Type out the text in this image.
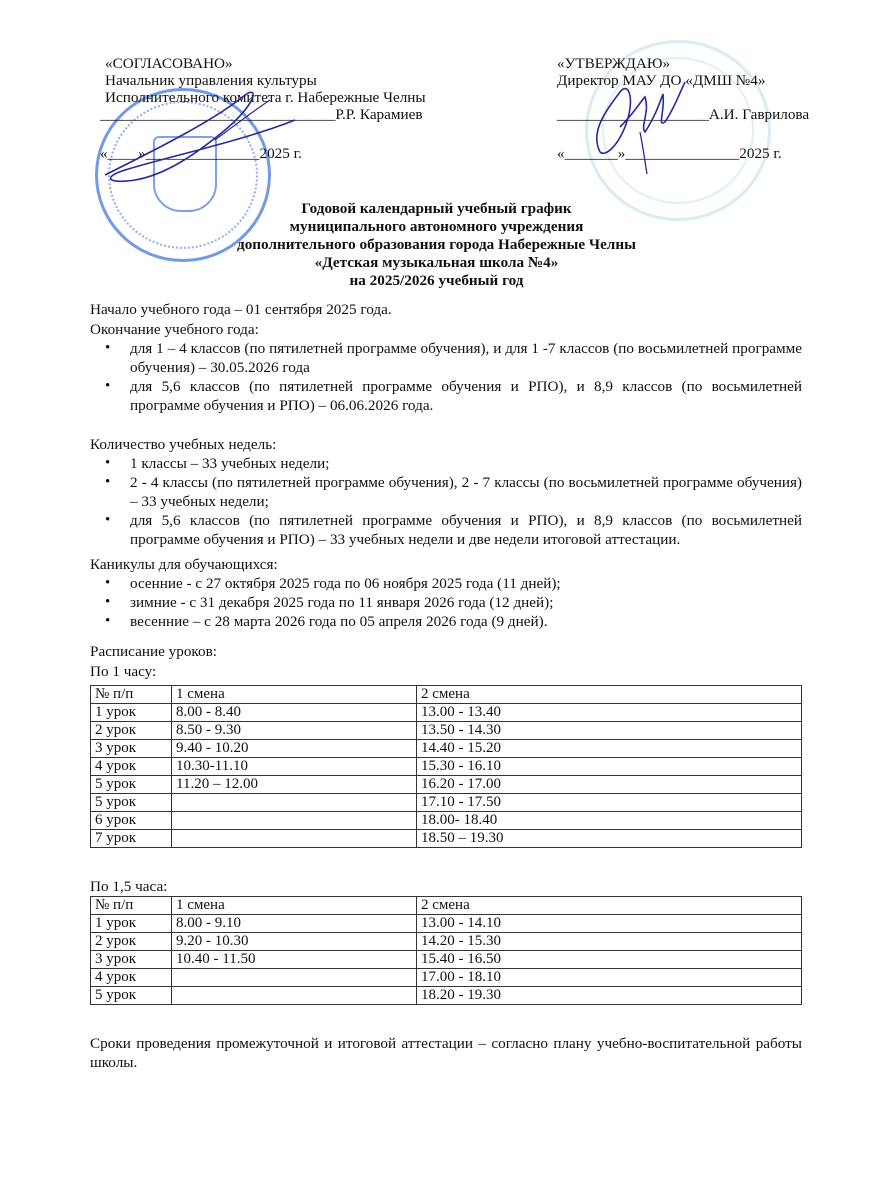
«СОГЛАСОВАНО»
Начальник управления культуры
Исполнительного комитета г. Набережные Челны
_______________________________Р.Р. Карамиев
«____»_______________2025 г.
«УТВЕРЖДАЮ»
Директор МАУ ДО «ДМШ №4»
____________________А.И. Гаврилова
«_______»_______________2025 г.
Годовой календарный учебный график
муниципального автономного учреждения
дополнительного образования города Набережные Челны
«Детская музыкальная школа №4»
на 2025/2026 учебный год
Начало учебного года – 01 сентября 2025 года.
Окончание учебного года:
• для 1 – 4 классов (по пятилетней программе обучения), и для 1 -7 классов (по восьмилетней программе обучения) – 30.05.2026 года
• для 5,6 классов (по пятилетней программе обучения и РПО), и 8,9 классов (по восьмилетней программе обучения и РПО) – 06.06.2026 года.
Количество учебных недель:
• 1 классы – 33 учебных недели;
• 2 - 4 классы (по пятилетней программе обучения), 2 - 7 классы (по восьмилетней программе обучения) – 33 учебных недели;
• для 5,6 классов (по пятилетней программе обучения и РПО), и 8,9 классов (по восьмилетней программе обучения и РПО) – 33 учебных недели и две недели итоговой аттестации.
Каникулы для обучающихся:
• осенние - с 27 октября 2025 года по 06 ноября 2025 года (11 дней);
• зимние - с 31 декабря 2025 года по 11 января 2026 года (12 дней);
• весенние – с 28 марта 2026 года по 05 апреля 2026 года (9 дней).
Расписание уроков:
По 1 часу:
№ п/п	1 смена	2 смена
1 урок	8.00 - 8.40	13.00 - 13.40
2 урок	8.50 - 9.30	13.50 - 14.30
3 урок	9.40 - 10.20	14.40 - 15.20
4 урок	10.30-11.10	15.30 - 16.10
5 урок	11.20 – 12.00	16.20 - 17.00
5 урок		17.10 - 17.50
6 урок		18.00- 18.40
7 урок		18.50 – 19.30
По 1,5 часа:
№ п/п	1 смена	2 смена
1 урок	8.00 - 9.10	13.00 - 14.10
2 урок	9.20 - 10.30	14.20 - 15.30
3 урок	10.40 - 11.50	15.40 - 16.50
4 урок		17.00 - 18.10
5 урок		18.20 - 19.30
Сроки проведения промежуточной и итоговой аттестации – согласно плану учебно-воспитательной работы школы.
